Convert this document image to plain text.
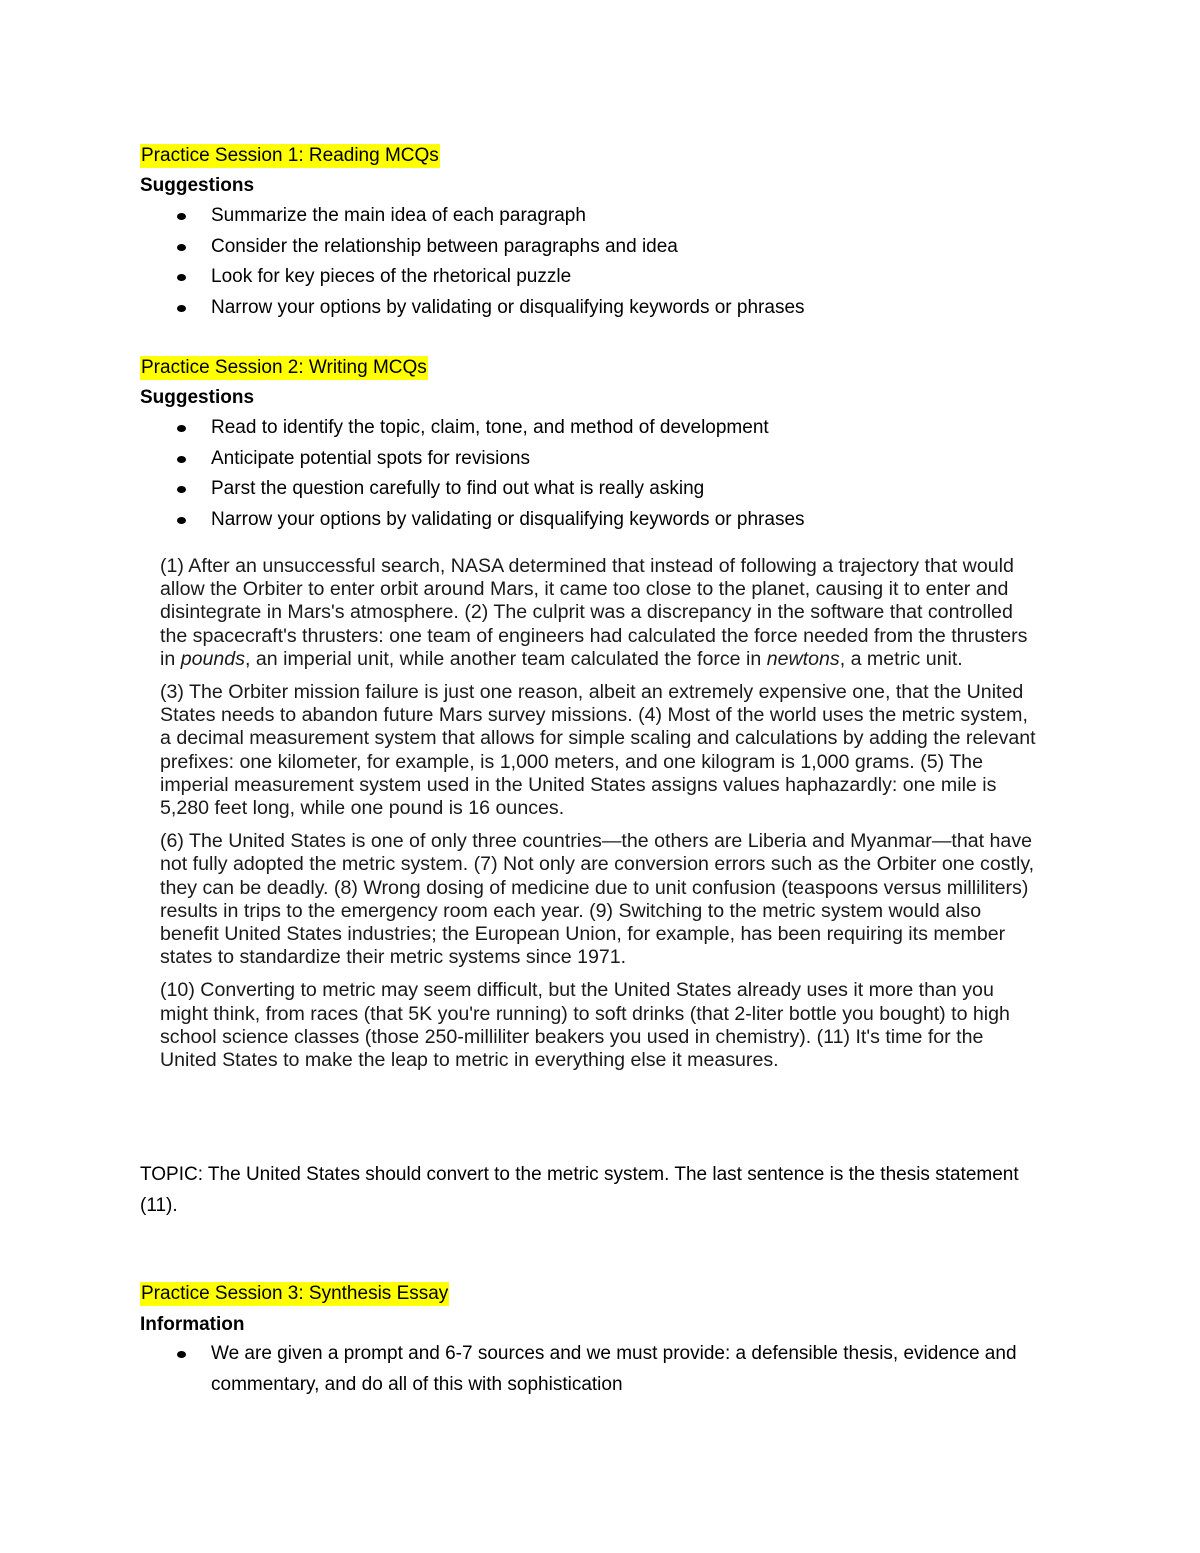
Practice Session 1: Reading MCQs
Suggestions
Summarize the main idea of each paragraph
Consider the relationship between paragraphs and idea
Look for key pieces of the rhetorical puzzle
Narrow your options by validating or disqualifying keywords or phrases
Practice Session 2: Writing MCQs
Suggestions
Read to identify the topic, claim, tone, and method of development
Anticipate potential spots for revisions
Parst the question carefully to find out what is really asking
Narrow your options by validating or disqualifying keywords or phrases

(1) After an unsuccessful search, NASA determined that instead of following a trajectory that would allow the Orbiter to enter orbit around Mars, it came too close to the planet, causing it to enter and disintegrate in Mars's atmosphere. (2) The culprit was a discrepancy in the software that controlled the spacecraft's thrusters: one team of engineers had calculated the force needed from the thrusters in pounds, an imperial unit, while another team calculated the force in newtons, a metric unit.

(3) The Orbiter mission failure is just one reason, albeit an extremely expensive one, that the United States needs to abandon future Mars survey missions. (4) Most of the world uses the metric system, a decimal measurement system that allows for simple scaling and calculations by adding the relevant prefixes: one kilometer, for example, is 1,000 meters, and one kilogram is 1,000 grams. (5) The imperial measurement system used in the United States assigns values haphazardly: one mile is 5,280 feet long, while one pound is 16 ounces.

(6) The United States is one of only three countries—the others are Liberia and Myanmar—that have not fully adopted the metric system. (7) Not only are conversion errors such as the Orbiter one costly, they can be deadly. (8) Wrong dosing of medicine due to unit confusion (teaspoons versus milliliters) results in trips to the emergency room each year. (9) Switching to the metric system would also benefit United States industries; the European Union, for example, has been requiring its member states to standardize their metric systems since 1971.

(10) Converting to metric may seem difficult, but the United States already uses it more than you might think, from races (that 5K you're running) to soft drinks (that 2-liter bottle you bought) to high school science classes (those 250-milliliter beakers you used in chemistry). (11) It's time for the United States to make the leap to metric in everything else it measures.

TOPIC: The United States should convert to the metric system. The last sentence is the thesis statement (11).
Practice Session 3: Synthesis Essay
Information
We are given a prompt and 6-7 sources and we must provide: a defensible thesis, evidence and commentary, and do all of this with sophistication
